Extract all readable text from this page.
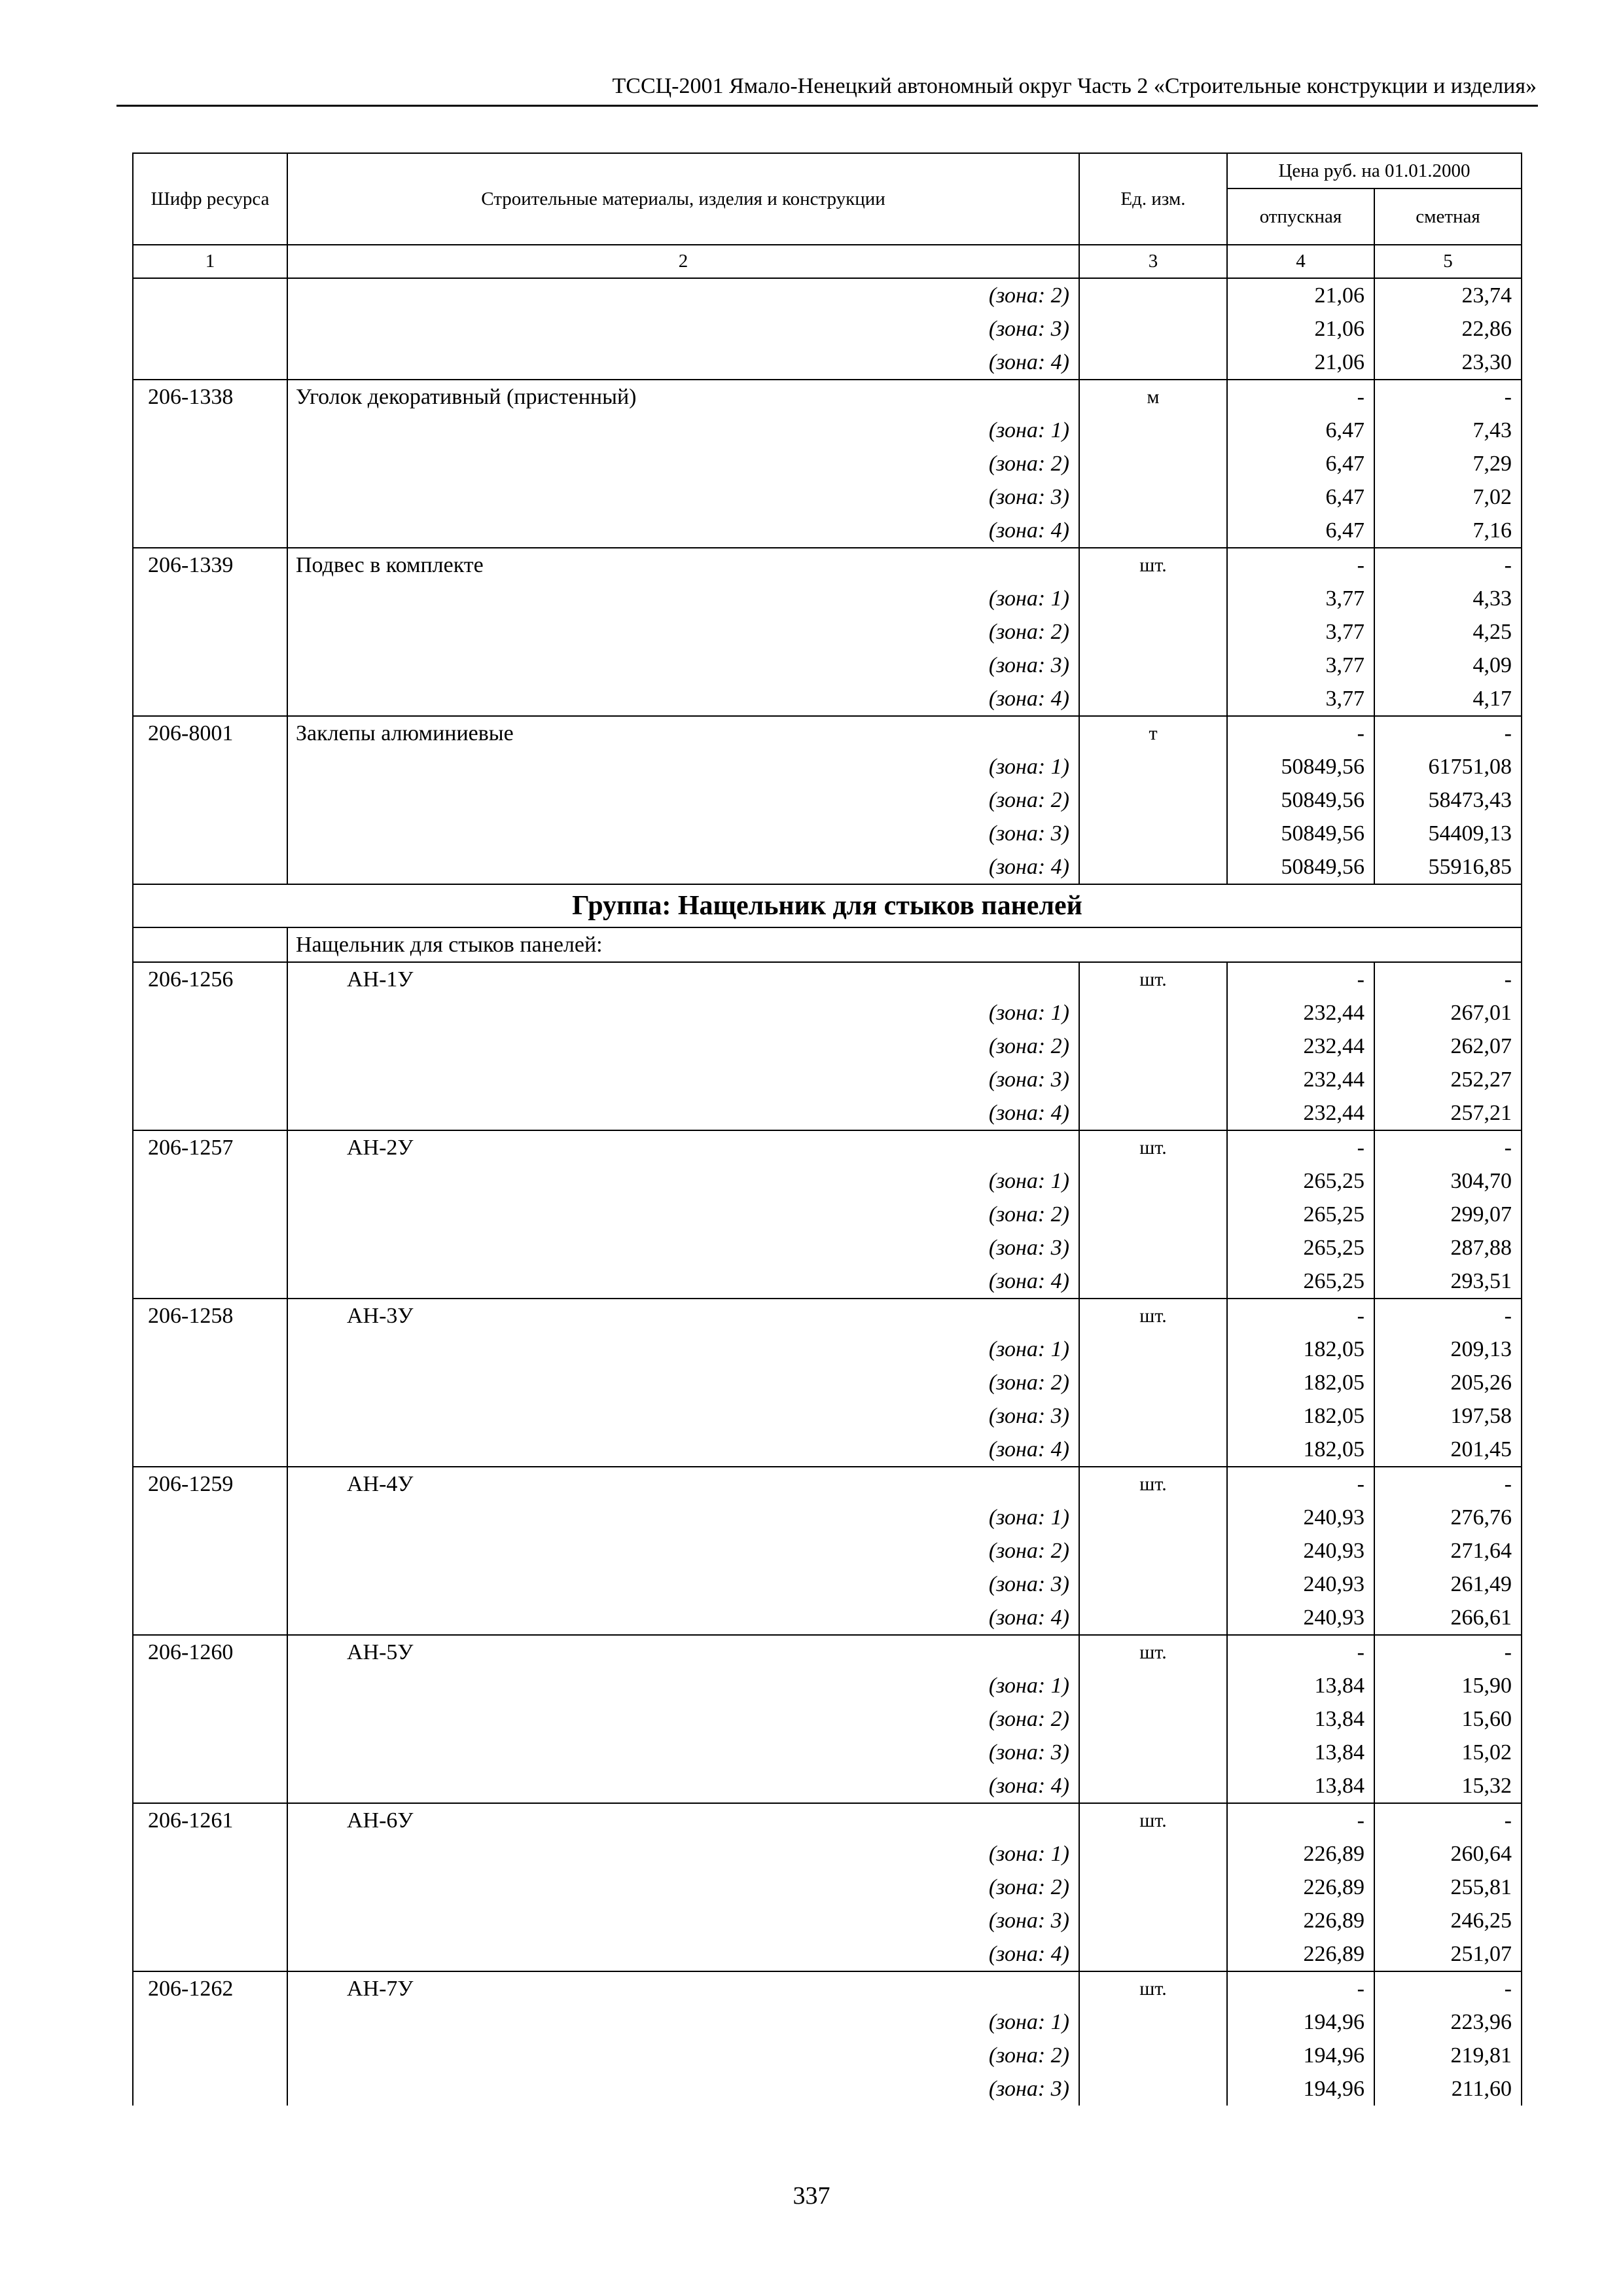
ТССЦ-2001 Ямало-Ненецкий автономный округ Часть 2 «Строительные конструкции и изделия»
Шифр ресурса	Строительные материалы, изделия и конструкции	Ед. изм.	Цена руб. на 01.01.2000	
			отпускная	сметная
1	2	3	4	5
	(зона: 2)		21,06	23,74
	(зона: 3)		21,06	22,86
	(зона: 4)		21,06	23,30
206-1338	Уголок декоративный (пристенный)	м	-	-
	(зона: 1)		6,47	7,43
	(зона: 2)		6,47	7,29
	(зона: 3)		6,47	7,02
	(зона: 4)		6,47	7,16
206-1339	Подвес в комплекте	шт.	-	-
	(зона: 1)		3,77	4,33
	(зона: 2)		3,77	4,25
	(зона: 3)		3,77	4,09
	(зона: 4)		3,77	4,17
206-8001	Заклепы алюминиевые	т	-	-
	(зона: 1)		50849,56	61751,08
	(зона: 2)		50849,56	58473,43
	(зона: 3)		50849,56	54409,13
	(зона: 4)		50849,56	55916,85
Группа: Нащельник для стыков панелей				
	Нащельник для стыков панелей:			
206-1256	АН-1У	шт.	-	-
	(зона: 1)		232,44	267,01
	(зона: 2)		232,44	262,07
	(зона: 3)		232,44	252,27
	(зона: 4)		232,44	257,21
206-1257	АН-2У	шт.	-	-
	(зона: 1)		265,25	304,70
	(зона: 2)		265,25	299,07
	(зона: 3)		265,25	287,88
	(зона: 4)		265,25	293,51
206-1258	АН-3У	шт.	-	-
	(зона: 1)		182,05	209,13
	(зона: 2)		182,05	205,26
	(зона: 3)		182,05	197,58
	(зона: 4)		182,05	201,45
206-1259	АН-4У	шт.	-	-
	(зона: 1)		240,93	276,76
	(зона: 2)		240,93	271,64
	(зона: 3)		240,93	261,49
	(зона: 4)		240,93	266,61
206-1260	АН-5У	шт.	-	-
	(зона: 1)		13,84	15,90
	(зона: 2)		13,84	15,60
	(зона: 3)		13,84	15,02
	(зона: 4)		13,84	15,32
206-1261	АН-6У	шт.	-	-
	(зона: 1)		226,89	260,64
	(зона: 2)		226,89	255,81
	(зона: 3)		226,89	246,25
	(зона: 4)		226,89	251,07
206-1262	АН-7У	шт.	-	-
	(зона: 1)		194,96	223,96
	(зона: 2)		194,96	219,81
	(зона: 3)		194,96	211,60
337
